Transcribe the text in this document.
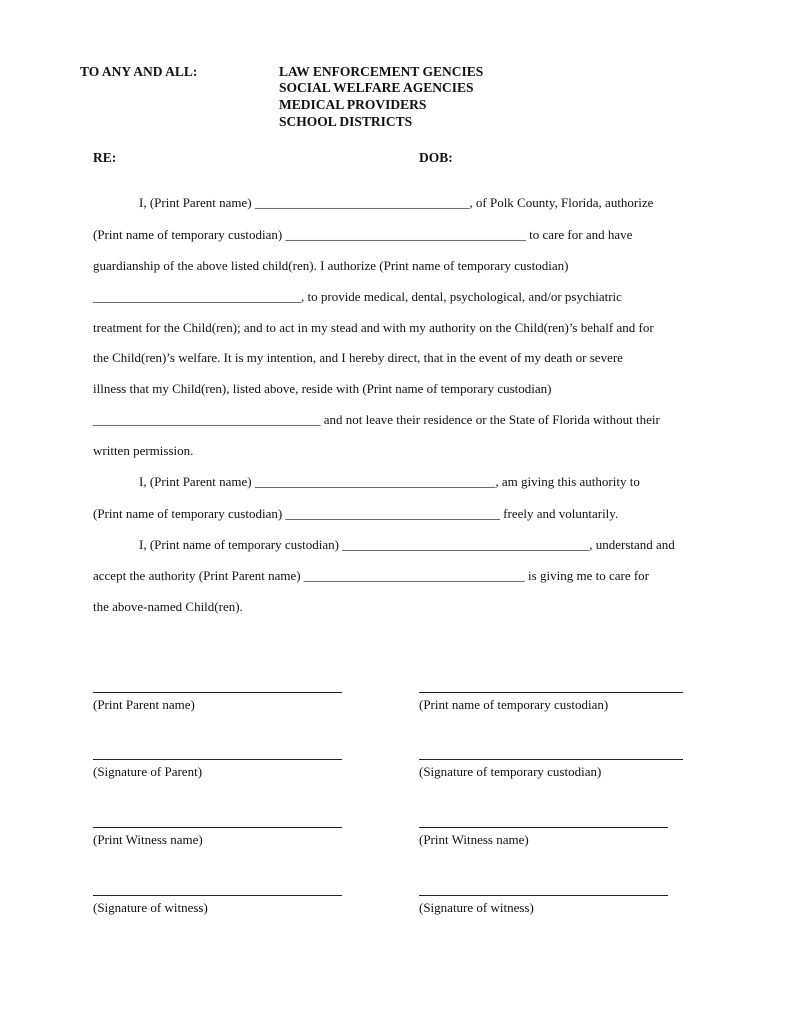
TO ANY AND ALL:	LAW ENFORCEMENT GENCIES
SOCIAL WELFARE AGENCIES
MEDICAL PROVIDERS
SCHOOL DISTRICTS
RE:	DOB:
I, (Print Parent name) _________________________________, of Polk County, Florida, authorize
(Print name of temporary custodian) _____________________________________ to care for and have
guardianship of the above listed child(ren). I authorize (Print name of temporary custodian)
________________________________, to provide medical, dental, psychological, and/or psychiatric
treatment for the Child(ren); and to act in my stead and with my authority on the Child(ren)’s behalf and for
the Child(ren)’s welfare. It is my intention, and I hereby direct, that in the event of my death or severe
illness that my Child(ren), listed above, reside with (Print name of temporary custodian)
___________________________________ and not leave their residence or the State of Florida without their
written permission.
I, (Print Parent name) _____________________________________, am giving this authority to
(Print name of temporary custodian) _________________________________ freely and voluntarily.
I, (Print name of temporary custodian) ______________________________________, understand and
accept the authority (Print Parent name) __________________________________ is giving me to care for
the above-named Child(ren).
(Print Parent name)	(Print name of temporary custodian)
(Signature of Parent)	(Signature of temporary custodian)
(Print Witness name)	(Print Witness name)
(Signature of witness)	(Signature of witness)
